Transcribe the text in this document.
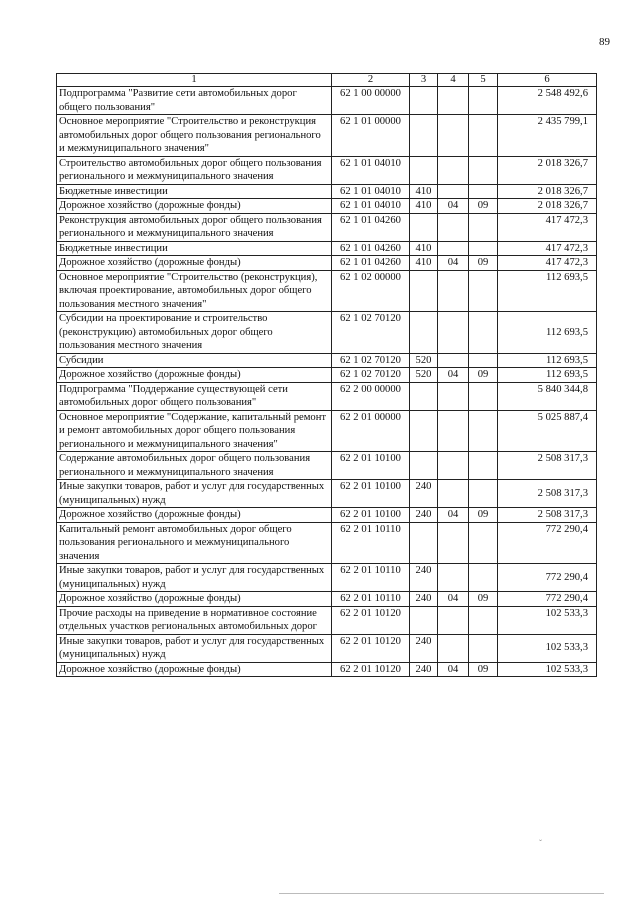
89
1	2	3	4	5	6
Подпрограмма "Развитие сети автомобильных дорог общего пользования"	62 1 00 00000				2 548 492,6
Основное мероприятие "Строительство и реконструкция автомобильных дорог общего пользования регионального и межмуниципального значения"	62 1 01 00000				2 435 799,1
Строительство автомобильных дорог общего пользования регионального и межмуниципального значения	62 1 01 04010				2 018 326,7
Бюджетные инвестиции	62 1 01 04010	410			2 018 326,7
Дорожное хозяйство (дорожные фонды)	62 1 01 04010	410	04	09	2 018 326,7
Реконструкция автомобильных дорог общего пользования регионального и межмуниципального значения	62 1 01 04260				417 472,3
Бюджетные инвестиции	62 1 01 04260	410			417 472,3
Дорожное хозяйство (дорожные фонды)	62 1 01 04260	410	04	09	417 472,3
Основное мероприятие "Строительство (реконструкция), включая проектирование, автомобильных дорог общего пользования местного значения"	62 1 02 00000				112 693,5
Субсидии на проектирование и строительство (реконструкцию) автомобильных дорог общего пользования местного значения	62 1 02 70120				112 693,5
Субсидии	62 1 02 70120	520			112 693,5
Дорожное хозяйство (дорожные фонды)	62 1 02 70120	520	04	09	112 693,5
Подпрограмма "Поддержание существующей сети автомобильных дорог общего пользования"	62 2 00 00000				5 840 344,8
Основное мероприятие "Содержание, капитальный ремонт и ремонт автомобильных дорог общего пользования регионального и межмуниципального значения"	62 2 01 00000				5 025 887,4
Содержание автомобильных дорог общего пользования регионального и межмуниципального значения	62 2 01 10100				2 508 317,3
Иные закупки товаров, работ и услуг для государственных (муниципальных) нужд	62 2 01 10100	240			2 508 317,3
Дорожное хозяйство (дорожные фонды)	62 2 01 10100	240	04	09	2 508 317,3
Капитальный ремонт автомобильных дорог общего пользования регионального и межмуниципального значения	62 2 01 10110				772 290,4
Иные закупки товаров, работ и услуг для государственных (муниципальных) нужд	62 2 01 10110	240			772 290,4
Дорожное хозяйство (дорожные фонды)	62 2 01 10110	240	04	09	772 290,4
Прочие расходы на приведение в нормативное состояние отдельных участков региональных автомобильных дорог	62 2 01 10120				102 533,3
Иные закупки товаров, работ и услуг для государственных (муниципальных) нужд	62 2 01 10120	240			102 533,3
Дорожное хозяйство (дорожные фонды)	62 2 01 10120	240	04	09	102 533,3
ˇ
